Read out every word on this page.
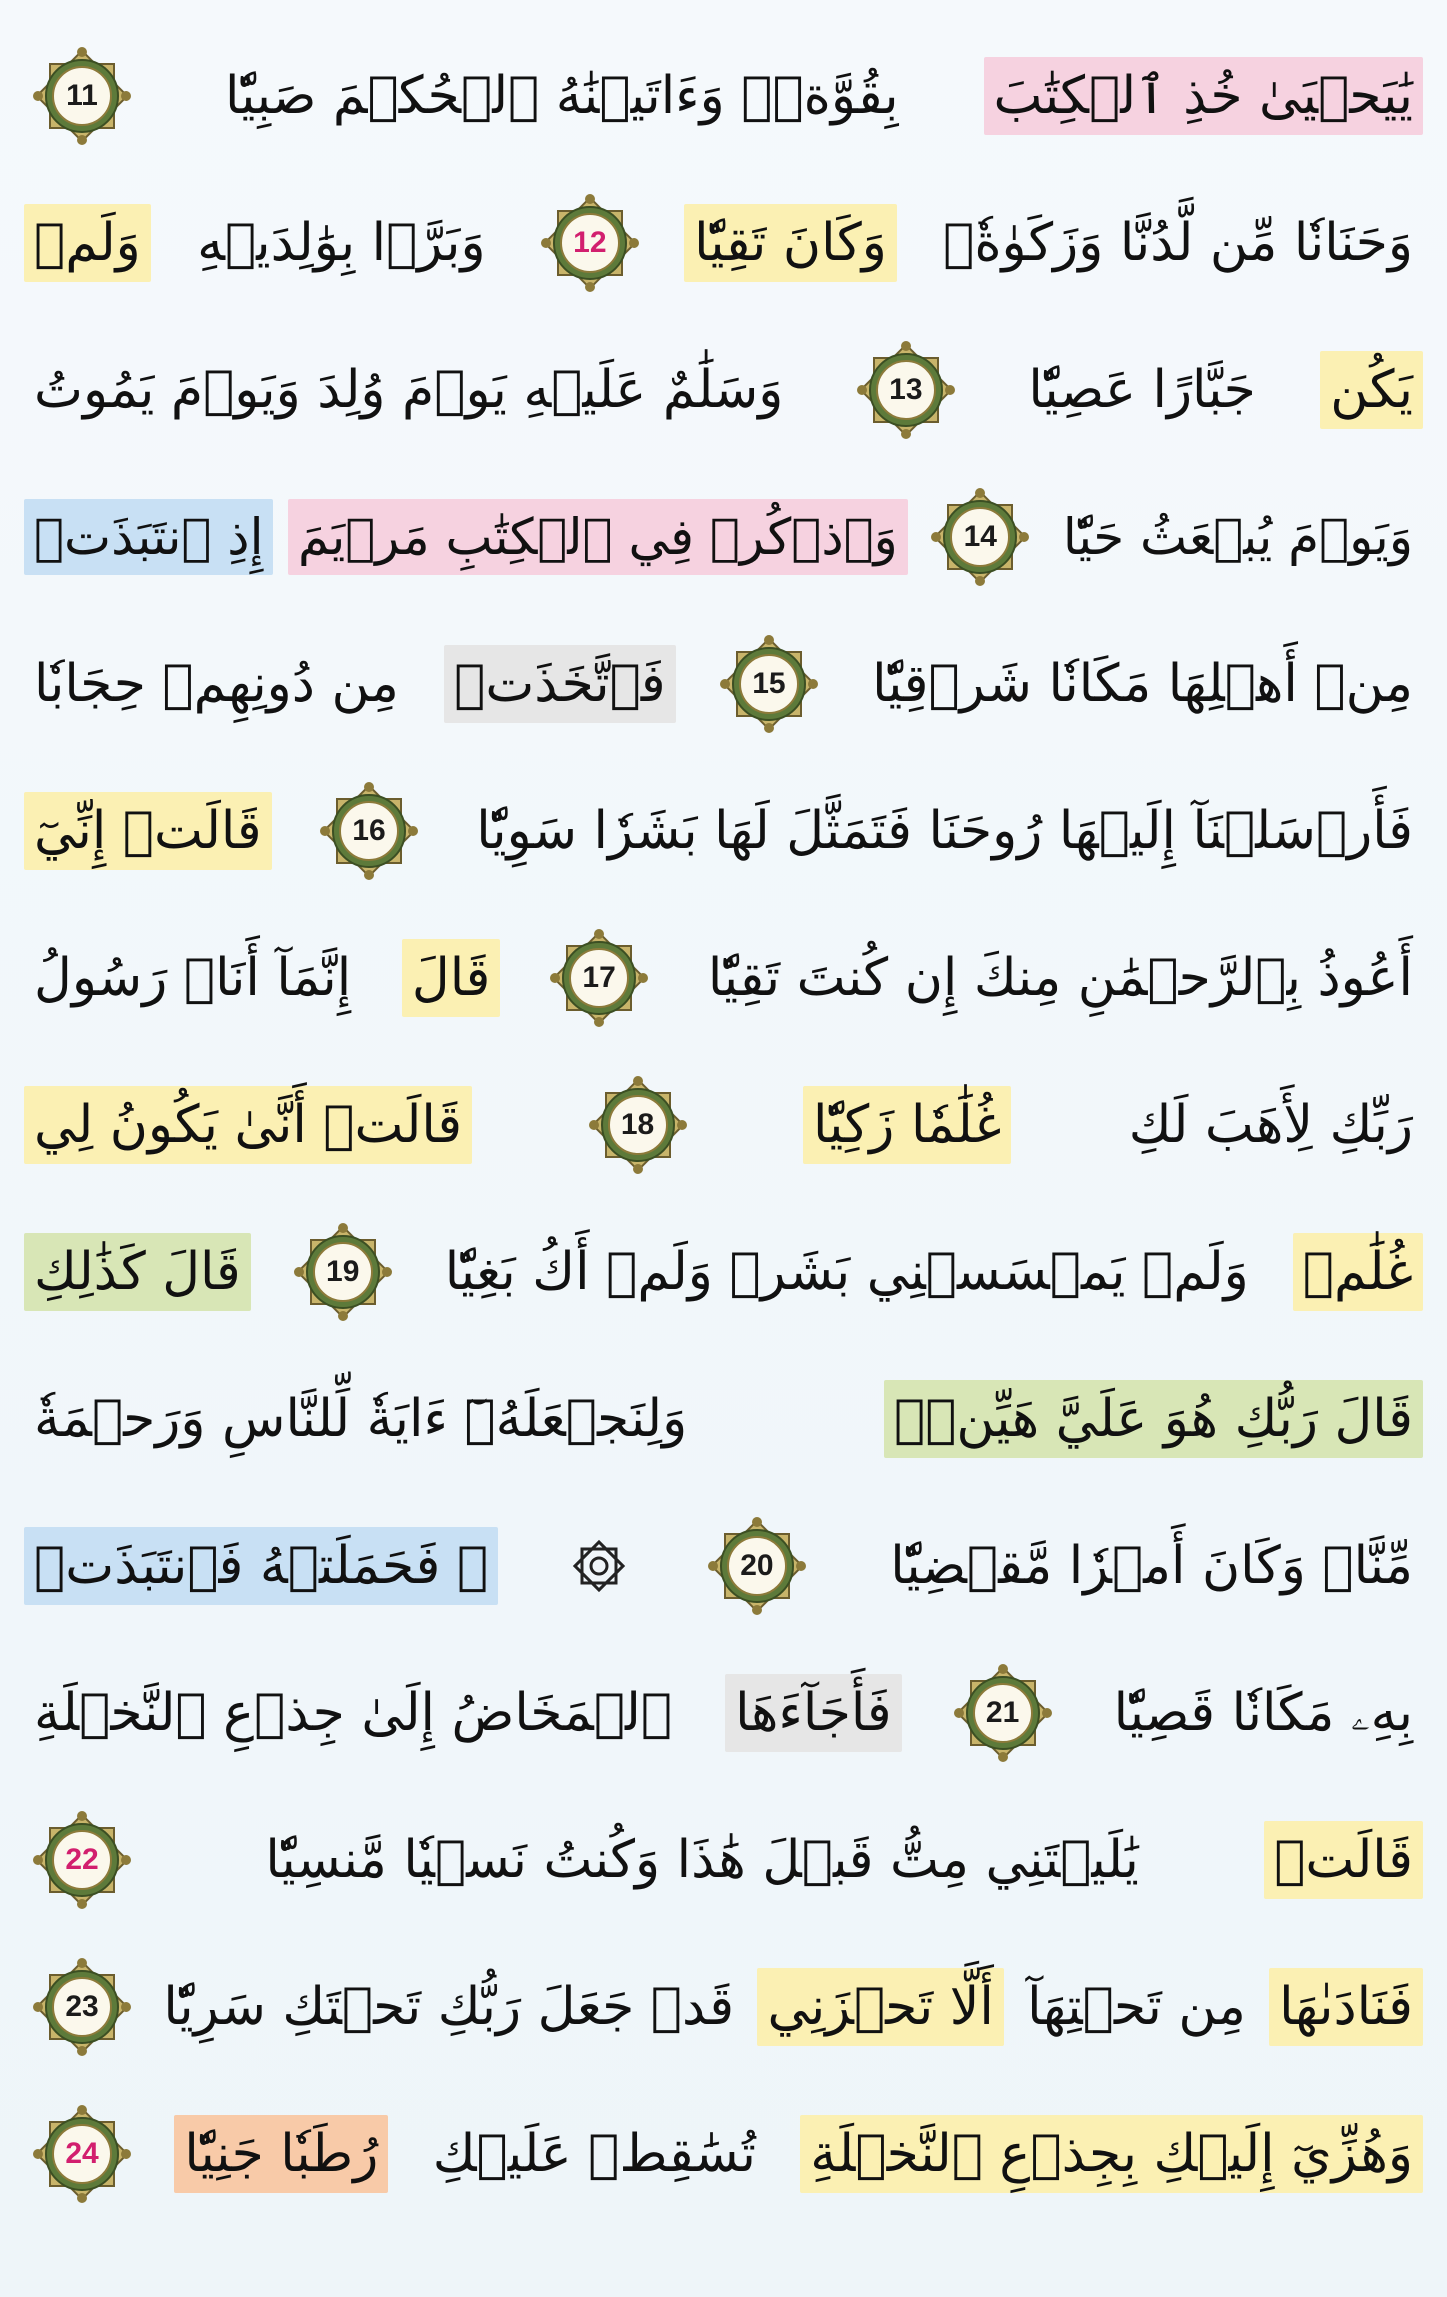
يَٰيَحۡيَىٰ خُذِ ٱلۡكِتَٰبَ
بِقُوَّةٖۖ وَءَاتَيۡنَٰهُ ٱلۡحُكۡمَ صَبِيّٗا
11
وَحَنَانٗا مِّن لَّدُنَّا وَزَكَوٰةٗۖ
وَكَانَ تَقِيّٗا
12
وَبَرَّۢا بِوَٰلِدَيۡهِ
وَلَمۡ
يَكُن
جَبَّارًا عَصِيّٗا
13
وَسَلَٰمٌ عَلَيۡهِ يَوۡمَ وُلِدَ وَيَوۡمَ يَمُوتُ
وَيَوۡمَ يُبۡعَثُ حَيّٗا
14
وَٱذۡكُرۡ فِي ٱلۡكِتَٰبِ مَرۡيَمَ
إِذِ ٱنتَبَذَتۡ
مِنۡ أَهۡلِهَا مَكَانٗا شَرۡقِيّٗا
15
فَٱتَّخَذَتۡ
مِن دُونِهِمۡ حِجَابٗا
فَأَرۡسَلۡنَآ إِلَيۡهَا رُوحَنَا فَتَمَثَّلَ لَهَا بَشَرٗا سَوِيّٗا
16
قَالَتۡ إِنِّيٓ
أَعُوذُ بِٱلرَّحۡمَٰنِ مِنكَ إِن كُنتَ تَقِيّٗا
17
قَالَ
إِنَّمَآ أَنَا۠ رَسُولُ
رَبِّكِ لِأَهَبَ لَكِ
غُلَٰمٗا زَكِيّٗا
18
قَالَتۡ أَنَّىٰ يَكُونُ لِي
غُلَٰمٞ
وَلَمۡ يَمۡسَسۡنِي بَشَرٞ وَلَمۡ أَكُ بَغِيّٗا
19
قَالَ كَذَٰلِكِ
قَالَ رَبُّكِ هُوَ عَلَيَّ هَيِّنٞۖ
وَلِنَجۡعَلَهُۥٓ ءَايَةٗ لِّلنَّاسِ وَرَحۡمَةٗ
مِّنَّاۚ وَكَانَ أَمۡرٗا مَّقۡضِيّٗا
20
۞ فَحَمَلَتۡهُ فَٱنتَبَذَتۡ
بِهِۦ مَكَانٗا قَصِيّٗا
21
فَأَجَآءَهَا
ٱلۡمَخَاضُ إِلَىٰ جِذۡعِ ٱلنَّخۡلَةِ
قَالَتۡ
يَٰلَيۡتَنِي مِتُّ قَبۡلَ هَٰذَا وَكُنتُ نَسۡيٗا مَّنسِيّٗا
22
فَنَادَىٰهَا
مِن تَحۡتِهَآ
أَلَّا تَحۡزَنِي
قَدۡ جَعَلَ رَبُّكِ تَحۡتَكِ سَرِيّٗا
23
وَهُزِّيٓ إِلَيۡكِ بِجِذۡعِ ٱلنَّخۡلَةِ
تُسَٰقِطۡ عَلَيۡكِ
رُطَبٗا جَنِيّٗا
24
